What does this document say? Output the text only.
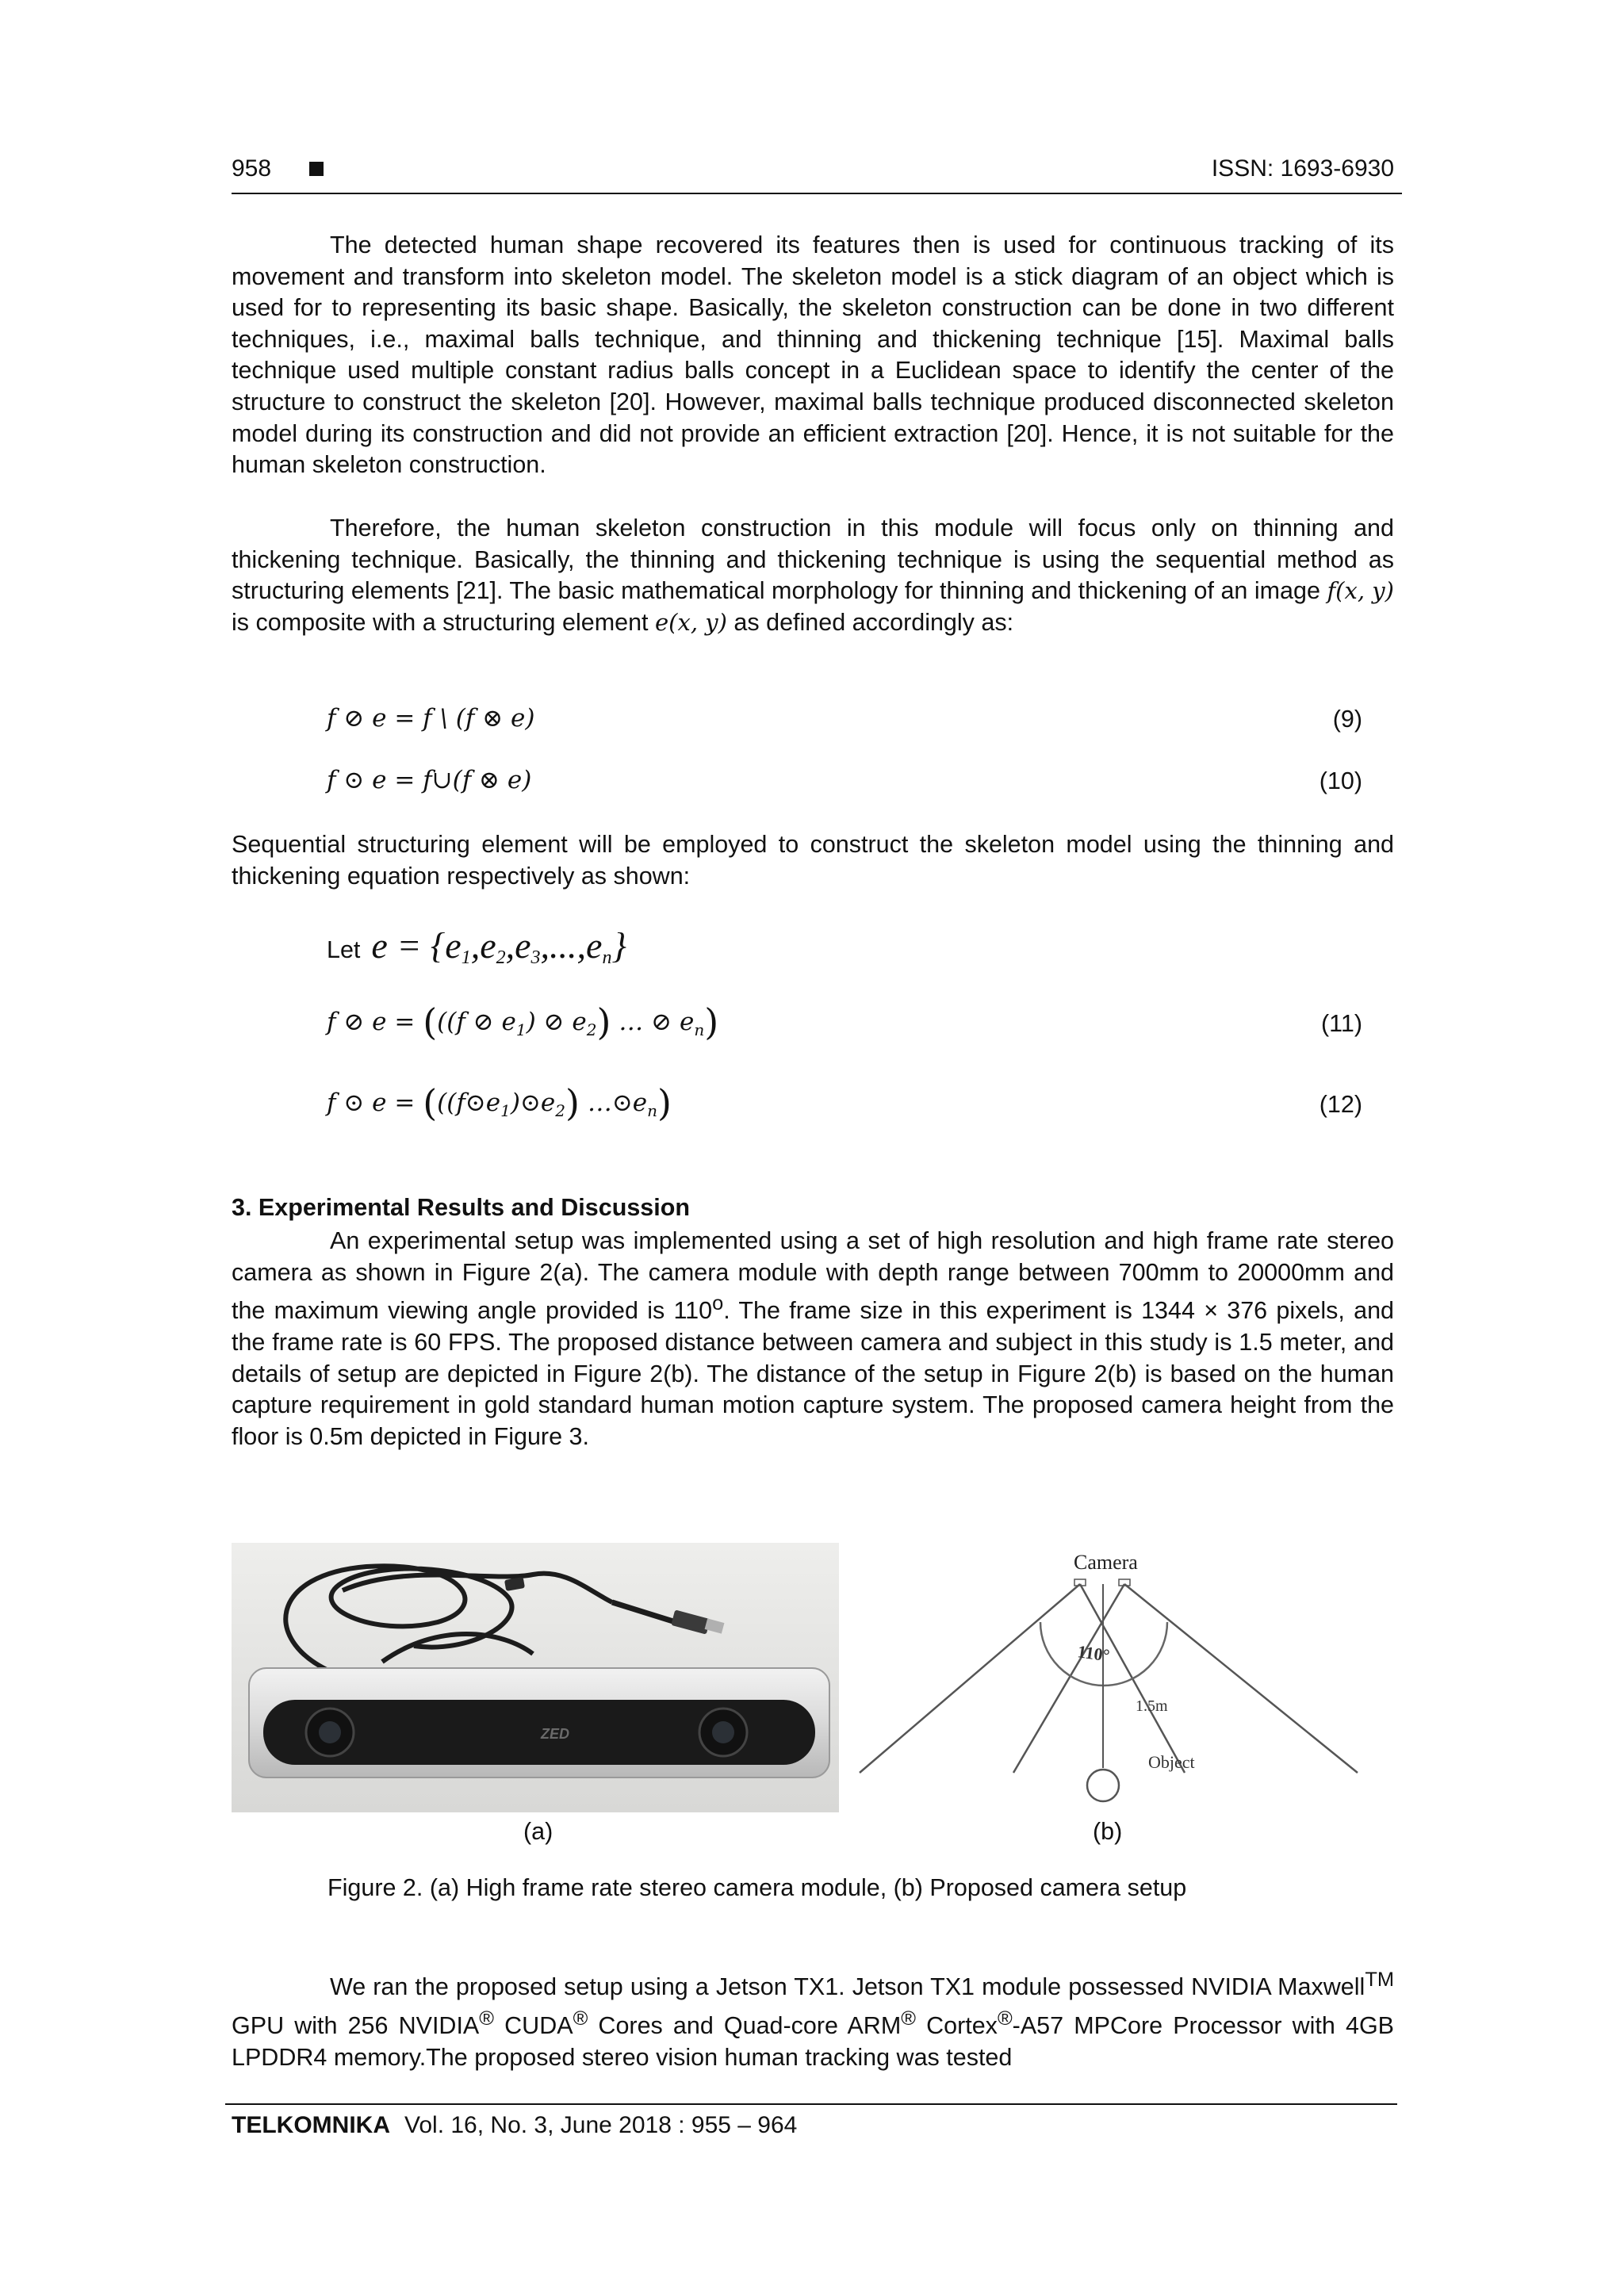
958	ISSN: 1693-6930

The detected human shape recovered its features then is used for continuous tracking of its movement and transform into skeleton model. The skeleton model is a stick diagram of an object which is used for to representing its basic shape. Basically, the skeleton construction can be done in two different techniques, i.e., maximal balls technique, and thinning and thickening technique [15]. Maximal balls technique used multiple constant radius balls concept in a Euclidean space to identify the center of the structure to construct the skeleton [20]. However, maximal balls technique produced disconnected skeleton model during its construction and did not provide an efficient extraction [20]. Hence, it is not suitable for the human skeleton construction.

Therefore, the human skeleton construction in this module will focus only on thinning and thickening technique. Basically, the thinning and thickening technique is using the sequential method as structuring elements [21]. The basic mathematical morphology for thinning and thickening of an image f(x, y) is composite with a structuring element e(x, y) as defined accordingly as:

f ⊘ e = f \ (f ⊗ e)	(9)
f ⊙ e = f∪(f ⊗ e)	(10)

Sequential structuring element will be employed to construct the skeleton model using the thinning and thickening equation respectively as shown:

Let $e = \{e_1,e_2,e_3,...,e_n\}$
f ⊘ e = (((f ⊘ $e_1$) ⊘ $e_2$) … ⊘ $e_n$)	(11)
f ⊙ $e = (((f⊙e_1)⊙e_2)$ $\dots⊙e_n$)	(12)
3. Experimental Results and Discussion

An experimental setup was implemented using a set of high resolution and high frame rate stereo camera as shown in Figure 2(a). The camera module with depth range between 700mm to 20000mm and the maximum viewing angle provided is 110$^o$. The frame size in this experiment is 1344 × 376 pixels, and the frame rate is 60 FPS. The proposed distance between camera and subject in this study is 1.5 meter, and details of setup are depicted in Figure 2(b). The distance of the setup in Figure 2(b) is based on the human capture requirement in gold standard human motion capture system. The proposed camera height from the floor is 0.5m depicted in Figure 3.

ZED
Camera
110°
1.5m
Object
(a)	(b)
Figure 2. (a) High frame rate stereo camera module, (b) Proposed camera setup

We ran the proposed setup using a Jetson TX1. Jetson TX1 module possessed NVIDIA Maxwell™ GPU with 256 NVIDIA® CUDA® Cores and Quad-core ARM® Cortex®-A57 MPCore Processor with 4GB LPDDR4 memory.The proposed stereo vision human tracking was tested

TELKOMNIKA Vol. 16, No. 3, June 2018 : 955 – 964
